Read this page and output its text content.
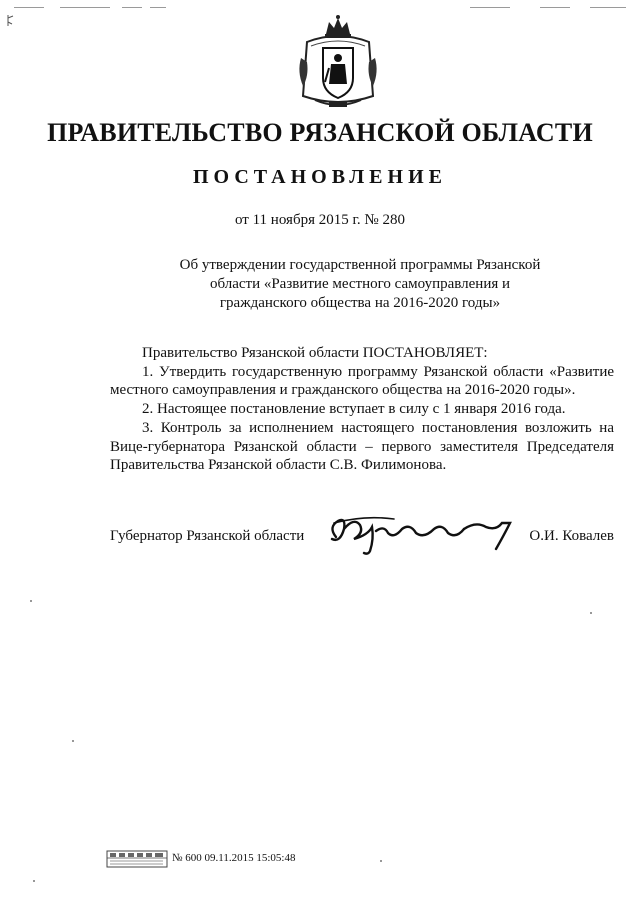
ПРАВИТЕЛЬСТВО РЯЗАНСКОЙ ОБЛАСТИ
ПОСТАНОВЛЕНИЕ

от 11 ноября 2015 г. № 280

Об утверждении государственной программы Рязанской
области «Развитие местного самоуправления и
гражданского общества на 2016-2020 годы»

Правительство Рязанской области ПОСТАНОВЛЯЕТ:

1. Утвердить государственную программу Рязанской области «Развитие местного самоуправления и гражданского общества на 2016-2020 годы».

2. Настоящее постановление вступает в силу с 1 января 2016 года.

3. Контроль за исполнением настоящего постановления возложить на Вице-губернатора Рязанской области – первого заместителя Председателя Правительства Рязанской области С.В. Филимонова.

Губернатор Рязанской области	О.И. Ковалев
№ 600 09.11.2015 15:05:48
